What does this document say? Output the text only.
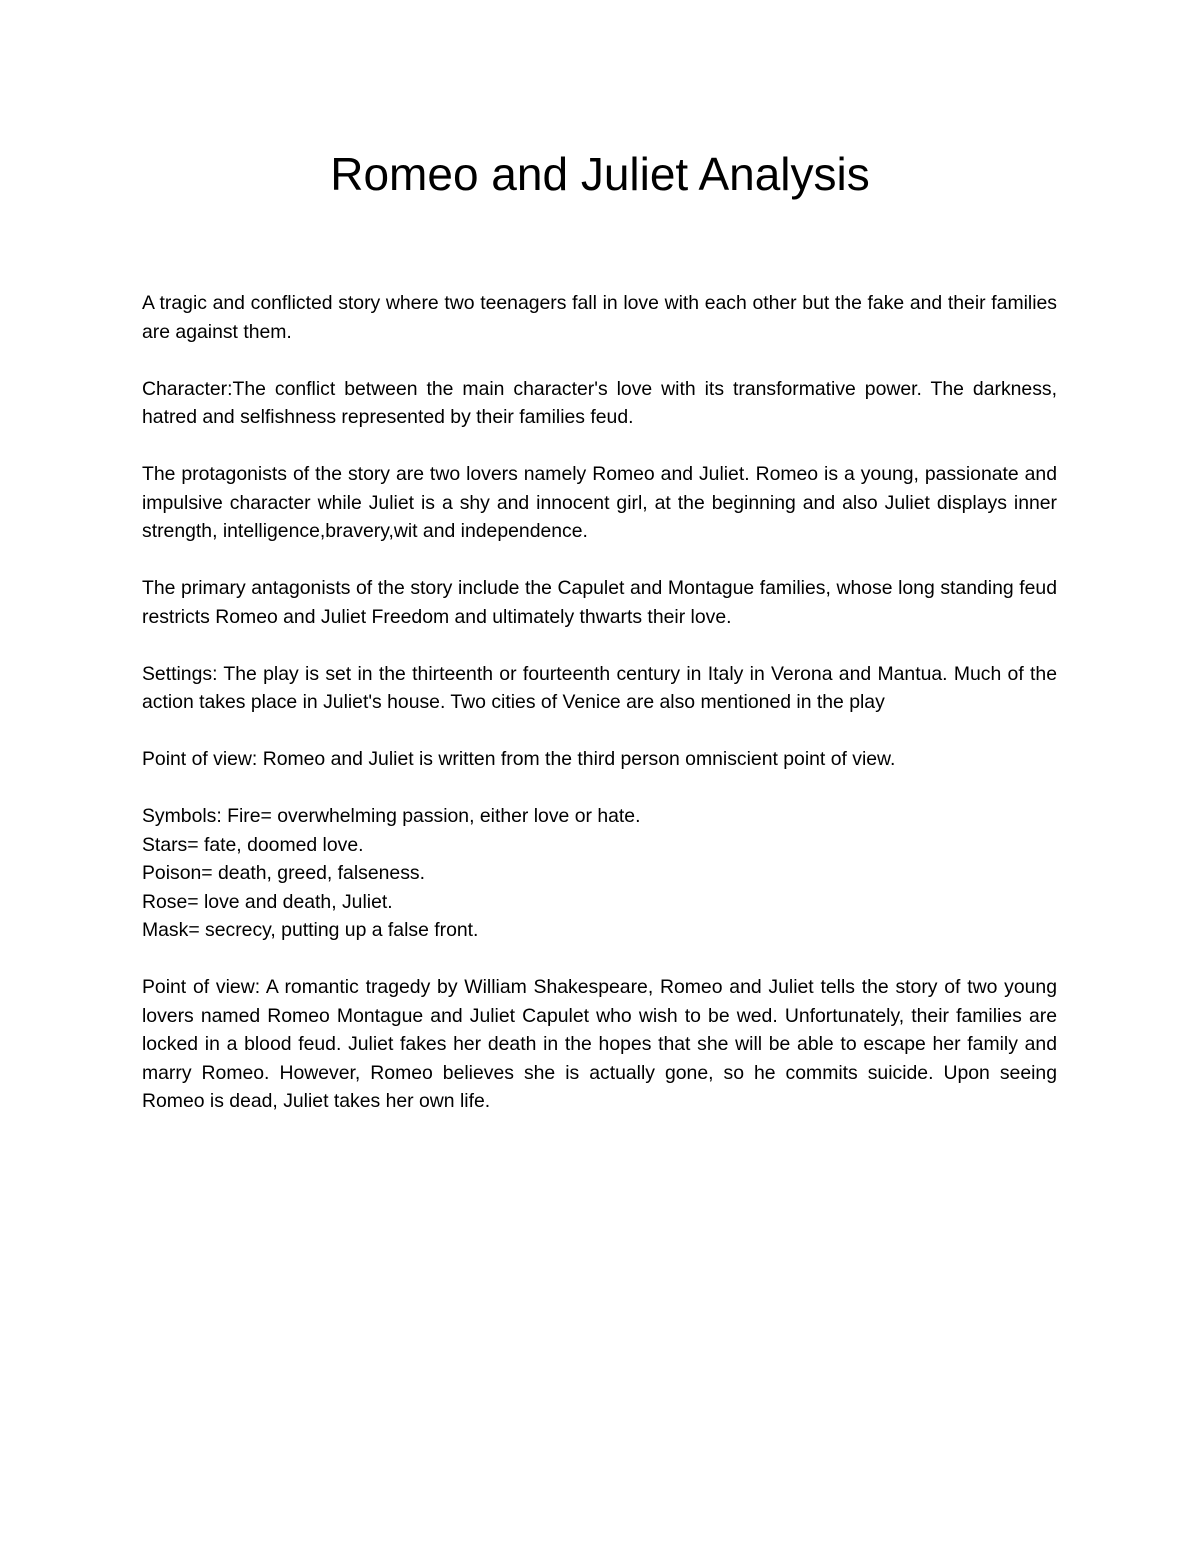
Romeo and Juliet Analysis

A tragic and conflicted story where two teenagers fall in love with each other but the fake and their families are against them.

Character:The conflict between the main character's love with its transformative power. The darkness, hatred and selfishness represented by their families feud.

The protagonists of the story are two lovers namely Romeo and Juliet. Romeo is a young, passionate and impulsive character while Juliet is a shy and innocent girl, at the beginning and also Juliet displays inner strength, intelligence,bravery,wit and independence.

The primary antagonists of the story include the Capulet and Montague families, whose long standing feud restricts Romeo and Juliet Freedom and ultimately thwarts their love.

Settings: The play is set in the thirteenth or fourteenth century in Italy in Verona and Mantua. Much of the action takes place in Juliet's house. Two cities of Venice are also mentioned in the play

Point of view: Romeo and Juliet is written from the third person omniscient point of view.

Symbols: Fire= overwhelming passion, either love or hate.
Stars= fate, doomed love.
Poison= death, greed, falseness.
Rose= love and death, Juliet.
Mask= secrecy, putting up a false front.

Point of view: A romantic tragedy by William Shakespeare, Romeo and Juliet tells the story of two young lovers named Romeo Montague and Juliet Capulet who wish to be wed. Unfortunately, their families are locked in a blood feud. Juliet fakes her death in the hopes that she will be able to escape her family and marry Romeo. However, Romeo believes she is actually gone, so he commits suicide. Upon seeing Romeo is dead, Juliet takes her own life.
